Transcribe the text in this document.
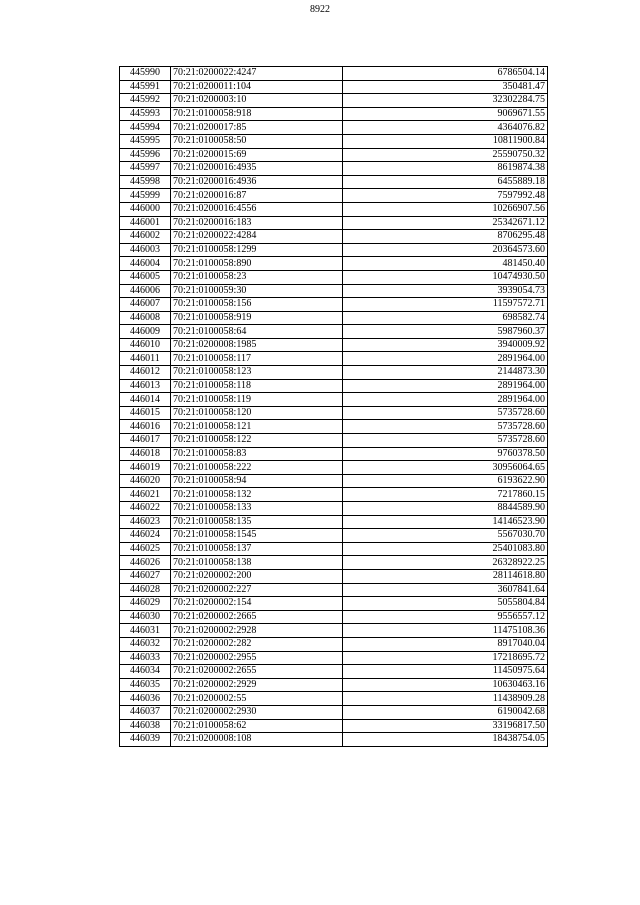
8922
445990	70:21:0200022:4247	6786504.14
445991	70:21:0200011:104	350481.47
445992	70:21:0200003:10	32302284.75
445993	70:21:0100058:918	9069671.55
445994	70:21:0200017:85	4364076.82
445995	70:21:0100058:50	10811900.84
445996	70:21:0200015:69	25590750.32
445997	70:21:0200016:4935	8619874.38
445998	70:21:0200016:4936	6455889.18
445999	70:21:0200016:87	7597992.48
446000	70:21:0200016:4556	10266907.56
446001	70:21:0200016:183	25342671.12
446002	70:21:0200022:4284	8706295.48
446003	70:21:0100058:1299	20364573.60
446004	70:21:0100058:890	481450.40
446005	70:21:0100058:23	10474930.50
446006	70:21:0100059:30	3939054.73
446007	70:21:0100058:156	11597572.71
446008	70:21:0100058:919	698582.74
446009	70:21:0100058:64	5987960.37
446010	70:21:0200008:1985	3940009.92
446011	70:21:0100058:117	2891964.00
446012	70:21:0100058:123	2144873.30
446013	70:21:0100058:118	2891964.00
446014	70:21:0100058:119	2891964.00
446015	70:21:0100058:120	5735728.60
446016	70:21:0100058:121	5735728.60
446017	70:21:0100058:122	5735728.60
446018	70:21:0100058:83	9760378.50
446019	70:21:0100058:222	30956064.65
446020	70:21:0100058:94	6193622.90
446021	70:21:0100058:132	7217860.15
446022	70:21:0100058:133	8844589.90
446023	70:21:0100058:135	14146523.90
446024	70:21:0100058:1545	5567030.70
446025	70:21:0100058:137	25401083.80
446026	70:21:0100058:138	26328922.25
446027	70:21:0200002:200	28114618.80
446028	70:21:0200002:227	3607841.64
446029	70:21:0200002:154	5055804.84
446030	70:21:0200002:2665	9556557.12
446031	70:21:0200002:2928	11475108.36
446032	70:21:0200002:282	8917040.04
446033	70:21:0200002:2955	17218695.72
446034	70:21:0200002:2655	11450975.64
446035	70:21:0200002:2929	10630463.16
446036	70:21:0200002:55	11438909.28
446037	70:21:0200002:2930	6190042.68
446038	70:21:0100058:62	33196817.50
446039	70:21:0200008:108	18438754.05
